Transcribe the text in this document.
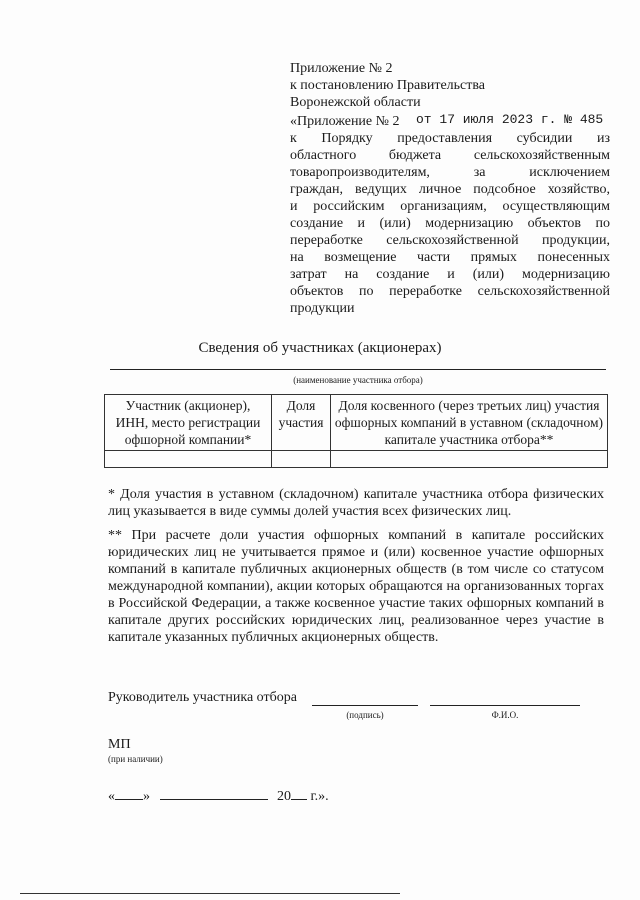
Приложение № 2
к постановлению Правительства
Воронежской области
от 17 июля 2023 г. № 485
«Приложение № 2
к Порядку предоставления субсидии из
областного бюджета сельскохозяйственным
товаропроизводителям, за исключением
граждан, ведущих личное подсобное хозяйство,
и российским организациям, осуществляющим
создание и (или) модернизацию объектов по
переработке сельскохозяйственной продукции,
на возмещение части прямых понесенных
затрат на создание и (или) модернизацию
объектов по переработке сельскохозяйственной
продукции
Сведения об участниках (акционерах)
(наименование участника отбора)
Участник (акционер), ИНН, место регистрации офшорной компании*	Доля участия	Доля косвенного (через третьих лиц) участия офшорных компаний в уставном (складочном) капитале участника отбора**

* Доля участия в уставном (складочном) капитале участника отбора физических лиц указывается в виде суммы долей участия всех физических лиц.

** При расчете доли участия офшорных компаний в капитале российских юридических лиц не учитывается прямое и (или) косвенное участие офшорных компаний в капитале публичных акционерных обществ (в том числе со статусом международной компании), акции которых обращаются на организованных торгах в Российской Федерации, а также косвенное участие таких офшорных компаний в капитале других российских юридических лиц, реализованное через участие в капитале указанных публичных акционерных обществ.

Руководитель участника отбора
(подпись)	Ф.И.О.
МП
(при наличии)
« »	20 г.».
